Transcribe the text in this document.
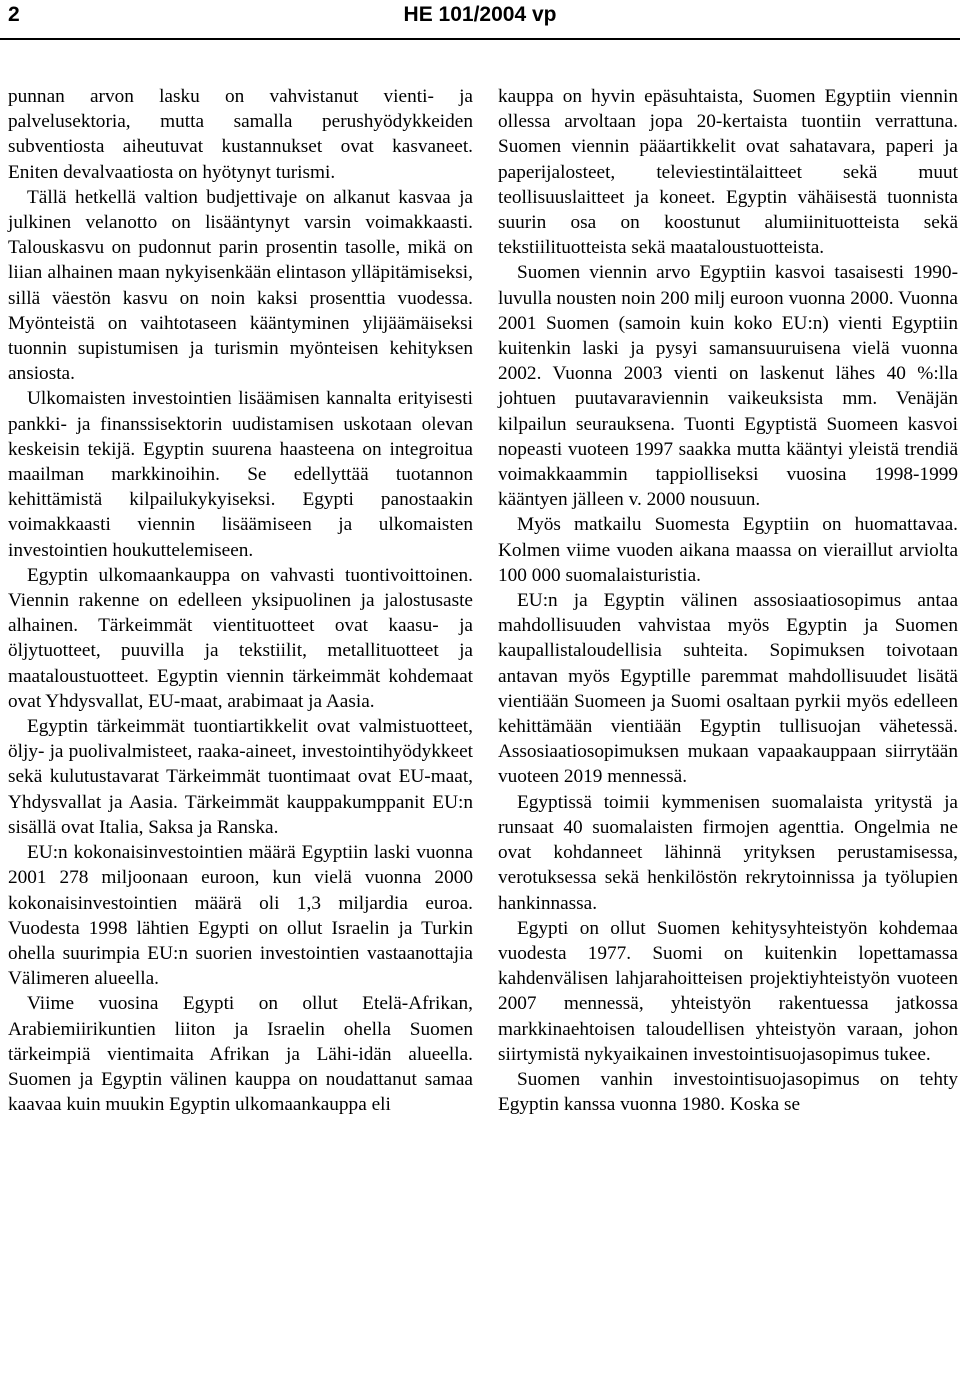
2	HE 101/2004 vp

punnan arvon lasku on vahvistanut vienti- ja palvelusektoria, mutta samalla perushyödykkeiden subventiosta aiheutuvat kustannukset ovat kasvaneet. Eniten devalvaatiosta on hyötynyt turismi.

Tällä hetkellä valtion budjettivaje on alkanut kasvaa ja julkinen velanotto on lisääntynyt varsin voimakkaasti. Talouskasvu on pudonnut parin prosentin tasolle, mikä on liian alhainen maan nykyisenkään elintason ylläpitämiseksi, sillä väestön kasvu on noin kaksi prosenttia vuodessa. Myönteistä on vaihtotaseen kääntyminen ylijäämäiseksi tuonnin supistumisen ja turismin myönteisen kehityksen ansiosta.

Ulkomaisten investointien lisäämisen kannalta erityisesti pankki- ja finanssisektorin uudistamisen uskotaan olevan keskeisin tekijä. Egyptin suurena haasteena on integroitua maailman markkinoihin. Se edellyttää tuotannon kehittämistä kilpailukykyiseksi. Egypti panostaakin voimakkaasti viennin lisäämiseen ja ulkomaisten investointien houkuttelemiseen.

Egyptin ulkomaankauppa on vahvasti tuontivoittoinen. Viennin rakenne on edelleen yksipuolinen ja jalostusaste alhainen. Tärkeimmät vientituotteet ovat kaasu- ja öljytuotteet, puuvilla ja tekstiilit, metallituotteet ja maataloustuotteet. Egyptin viennin tärkeimmät kohdemaat ovat Yhdysvallat, EU-maat, arabimaat ja Aasia.

Egyptin tärkeimmät tuontiartikkelit ovat valmistuotteet, öljy- ja puolivalmisteet, raaka-aineet, investointihyödykkeet sekä kulutustavarat Tärkeimmät tuontimaat ovat EU-maat, Yhdysvallat ja Aasia. Tärkeimmät kauppakumppanit EU:n sisällä ovat Italia, Saksa ja Ranska.

EU:n kokonaisinvestointien määrä Egyptiin laski vuonna 2001 278 miljoonaan euroon, kun vielä vuonna 2000 kokonaisinvestointien määrä oli 1,3 miljardia euroa. Vuodesta 1998 lähtien Egypti on ollut Israelin ja Turkin ohella suurimpia EU:n suorien investointien vastaanottajia Välimeren alueella.

Viime vuosina Egypti on ollut Etelä-Afrikan, Arabiemiirikuntien liiton ja Israelin ohella Suomen tärkeimpiä vientimaita Afrikan ja Lähi-idän alueella. Suomen ja Egyptin välinen kauppa on noudattanut samaa kaavaa kuin muukin Egyptin ulkomaankauppa eli

kauppa on hyvin epäsuhtaista, Suomen Egyptiin viennin ollessa arvoltaan jopa 20-kertaista tuontiin verrattuna. Suomen viennin pääartikkelit ovat sahatavara, paperi ja paperijalosteet, televiestintälaitteet sekä muut teollisuuslaitteet ja koneet. Egyptin vähäisestä tuonnista suurin osa on koostunut alumiinituotteista sekä tekstiilituotteista sekä maataloustuotteista.

Suomen viennin arvo Egyptiin kasvoi tasaisesti 1990-luvulla nousten noin 200 milj euroon vuonna 2000. Vuonna 2001 Suomen (samoin kuin koko EU:n) vienti Egyptiin kuitenkin laski ja pysyi samansuuruisena vielä vuonna 2002. Vuonna 2003 vienti on laskenut lähes 40 %:lla johtuen puutavaraviennin vaikeuksista mm. Venäjän kilpailun seurauksena. Tuonti Egyptistä Suomeen kasvoi nopeasti vuoteen 1997 saakka mutta kääntyi yleistä trendiä voimakkaammin tappiolliseksi vuosina 1998-1999 kääntyen jälleen v. 2000 nousuun.

Myös matkailu Suomesta Egyptiin on huomattavaa. Kolmen viime vuoden aikana maassa on vieraillut arviolta 100 000 suomalaisturistia.

EU:n ja Egyptin välinen assosiaatiosopimus antaa mahdollisuuden vahvistaa myös Egyptin ja Suomen kaupallistaloudellisia suhteita. Sopimuksen toivotaan antavan myös Egyptille paremmat mahdollisuudet lisätä vientiään Suomeen ja Suomi osaltaan pyrkii myös edelleen kehittämään vientiään Egyptin tullisuojan vähetessä. Assosiaatiosopimuksen mukaan vapaakauppaan siirrytään vuoteen 2019 mennessä.

Egyptissä toimii kymmenisen suomalaista yritystä ja runsaat 40 suomalaisten firmojen agenttia. Ongelmia ne ovat kohdanneet lähinnä yrityksen perustamisessa, verotuksessa sekä henkilöstön rekrytoinnissa ja työlupien hankinnassa.

Egypti on ollut Suomen kehitysyhteistyön kohdemaa vuodesta 1977. Suomi on kuitenkin lopettamassa kahdenvälisen lahjarahoitteisen projektiyhteistyön vuoteen 2007 mennessä, yhteistyön rakentuessa jatkossa markkinaehtoisen taloudellisen yhteistyön varaan, johon siirtymistä nykyaikainen investointisuojasopimus tukee.

Suomen vanhin investointisuojasopimus on tehty Egyptin kanssa vuonna 1980. Koska se
